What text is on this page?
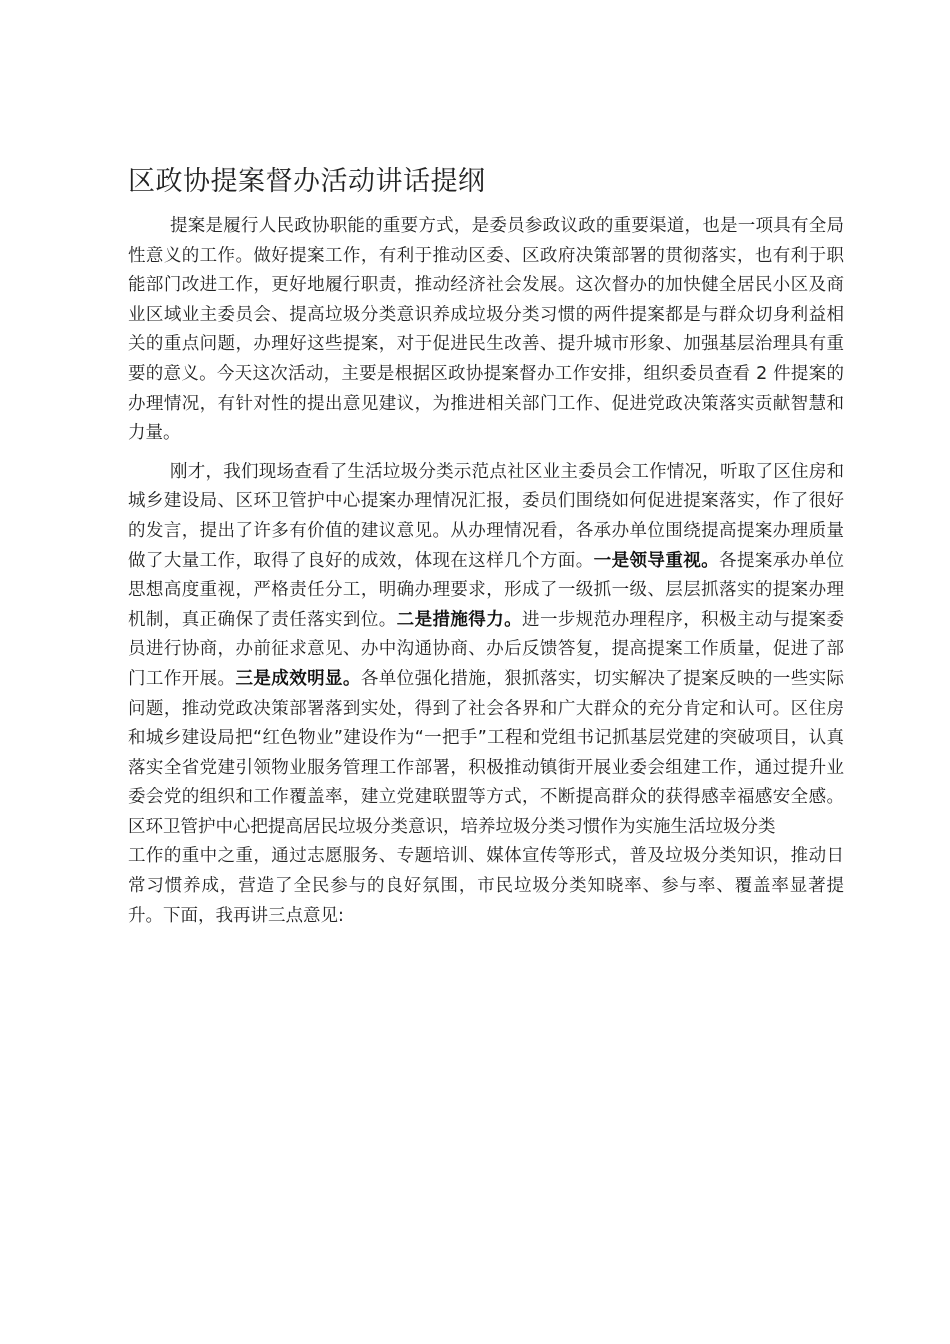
区政协提案督办活动讲话提纲

提案是履行人民政协职能的重要方式，是委员参政议政的重要渠道，也是一项具有全局性意义的工作。做好提案工作，有利于推动区委、区政府决策部署的贯彻落实，也有利于职能部门改进工作，更好地履行职责，推动经济社会发展。这次督办的加快健全居民小区及商业区域业主委员会、提高垃圾分类意识养成垃圾分类习惯的两件提案都是与群众切身利益相关的重点问题，办理好这些提案，对于促进民生改善、提升城市形象、加强基层治理具有重要的意义。今天这次活动，主要是根据区政协提案督办工作安排，组织委员查看 2 件提案的办理情况，有针对性的提出意见建议，为推进相关部门工作、促进党政决策落实贡献智慧和力量。

刚才，我们现场查看了生活垃圾分类示范点社区业主委员会工作情况，听取了区住房和城乡建设局、区环卫管护中心提案办理情况汇报，委员们围绕如何促进提案落实，作了很好的发言，提出了许多有价值的建议意见。从办理情况看，各承办单位围绕提高提案办理质量做了大量工作，取得了良好的成效，体现在这样几个方面。一是领导重视。各提案承办单位思想高度重视，严格责任分工，明确办理要求，形成了一级抓一级、层层抓落实的提案办理机制，真正确保了责任落实到位。二是措施得力。进一步规范办理程序，积极主动与提案委员进行协商，办前征求意见、办中沟通协商、办后反馈答复，提高提案工作质量，促进了部门工作开展。三是成效明显。各单位强化措施，狠抓落实，切实解决了提案反映的一些实际问题，推动党政决策部署落到实处，得到了社会各界和广大群众的充分肯定和认可。区住房和城乡建设局把“红色物业”建设作为“一把手”工程和党组书记抓基层党建的突破项目，认真落实全省党建引领物业服务管理工作部署，积极推动镇街开展业委会组建工作，通过提升业委会党的组织和工作覆盖率，建立党建联盟等方式，不断提高群众的获得感幸福感安全感。区环卫管护中心把提高居民垃圾分类意识，培养垃圾分类习惯作为实施生活垃圾分类

工作的重中之重，通过志愿服务、专题培训、媒体宣传等形式，普及垃圾分类知识，推动日常习惯养成，营造了全民参与的良好氛围，市民垃圾分类知晓率、参与率、覆盖率显著提升。下面，我再讲三点意见:
